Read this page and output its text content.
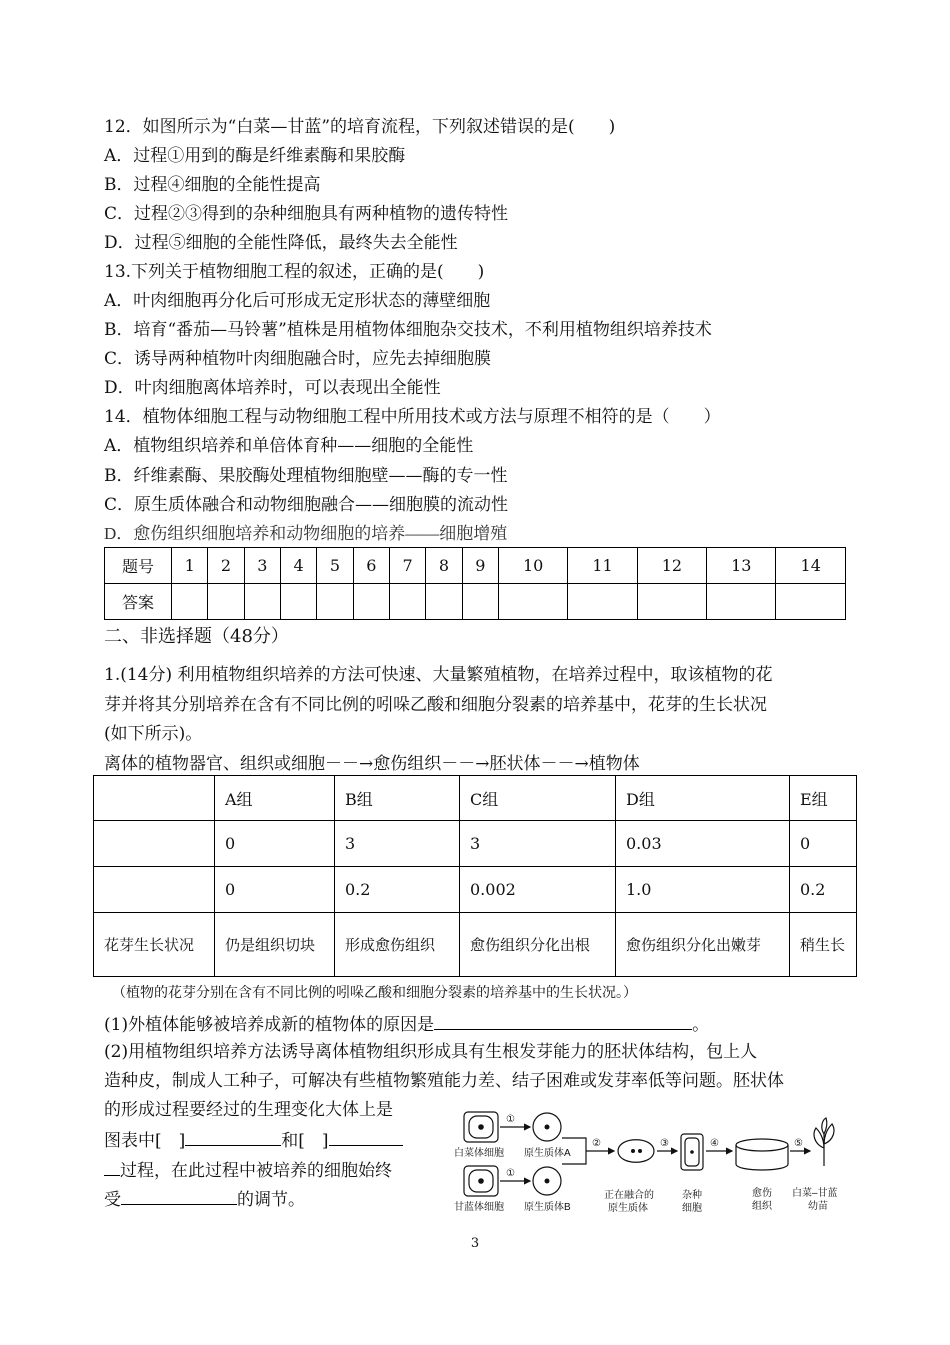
12．如图所示为“白菜—甘蓝”的培育流程，下列叙述错误的是(　　)
A．过程①用到的酶是纤维素酶和果胶酶
B．过程④细胞的全能性提高
C．过程②③得到的杂种细胞具有两种植物的遗传特性
D．过程⑤细胞的全能性降低，最终失去全能性
13.下列关于植物细胞工程的叙述，正确的是(　　)
A．叶肉细胞再分化后可形成无定形状态的薄壁细胞
B．培育“番茄—马铃薯”植株是用植物体细胞杂交技术，不利用植物组织培养技术
C．诱导两种植物叶肉细胞融合时，应先去掉细胞膜
D．叶肉细胞离体培养时，可以表现出全能性
14．植物体细胞工程与动物细胞工程中所用技术或方法与原理不相符的是（　　）
A．植物组织培养和单倍体育种——细胞的全能性
B．纤维素酶、果胶酶处理植物细胞壁——酶的专一性
C．原生质体融合和动物细胞融合——细胞膜的流动性
D．愈伤组织细胞培养和动物细胞的培养——细胞增殖
题号	1	2	3	4	5	6	7	8	9	10	11	12	13	14
答案														
二、非选择题（48分）
1.(14分) 利用植物组织培养的方法可快速、大量繁殖植物，在培养过程中，取该植物的花
芽并将其分别培养在含有不同比例的吲哚乙酸和细胞分裂素的培养基中，花芽的生长状况
(如下所示)。
离体的植物器官、组织或细胞－－→愈伤组织－－→胚状体－－→植物体
	A组	B组	C组	D组	E组
	0	3	3	0.03	0
	0	0.2	0.002	1.0	0.2
花芽生长状况	仍是组织切块	形成愈伤组织	愈伤组织分化出根	愈伤组织分化出嫩芽	稍生长
（植物的花芽分别在含有不同比例的吲哚乙酸和细胞分裂素的培养基中的生长状况。）
(1)外植体能够被培养成新的植物体的原因是	。
(2)用植物组织培养方法诱导离体植物组织形成具有生根发芽能力的胚状体结构，包上人
造种皮，制成人工种子，可解决有些植物繁殖能力差、结子困难或发芽率低等问题。胚状体
的形成过程要经过的生理变化大体上是
图表中[　]	和[　]
过程，在此过程中被培养的细胞始终
受	的调节。
①
①
②	③	④	⑤
白菜体细胞 原生质体A
甘蓝体细胞 原生质体B
正在融合的
原生质体
杂种
细胞
愈伤
组织
白菜–甘蓝
幼苗
3
